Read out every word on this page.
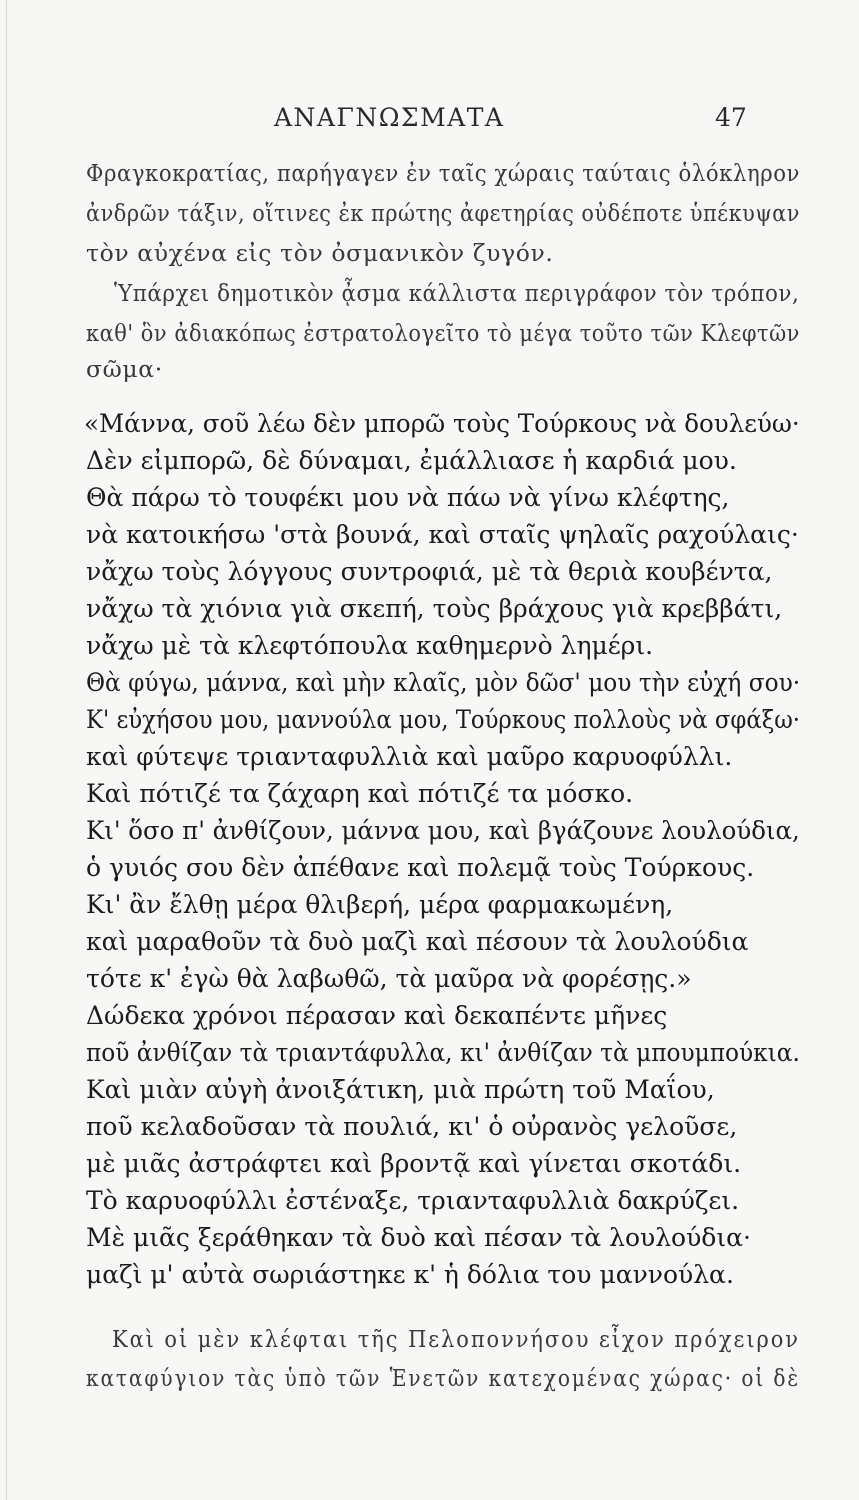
ΑΝΑΓΝΩΣΜΑΤΑ	47
Φραγκοκρατίας, παρήγαγεν ἐν ταῖς χώραις ταύταις ὁλόκληρον
ἀνδρῶν τάξιν, οἵτινες ἐκ πρώτης ἀφετηρίας οὐδέποτε ὑπέκυψαν
τὸν αὐχένα εἰς τὸν ὀσμανικὸν ζυγόν.
Ὑπάρχει δημοτικὸν ᾆσμα κάλλιστα περιγράφον τὸν τρόπον,
καθ' ὃν ἀδιακόπως ἐστρατολογεῖτο τὸ μέγα τοῦτο τῶν Κλεφτῶν
σῶμα·
«Μάννα, σοῦ λέω δὲν μπορῶ τοὺς Τούρκους νὰ δουλεύω·
Δὲν εἰμπορῶ, δὲ δύναμαι, ἐμάλλιασε ἡ καρδιά μου.
Θὰ πάρω τὸ τουφέκι μου νὰ πάω νὰ γίνω κλέφτης,
νὰ κατοικήσω 'στὰ βουνά, καὶ σταῖς ψηλαῖς ραχούλαις·
νἄχω τοὺς λόγγους συντροφιά, μὲ τὰ θεριὰ κουβέντα,
νἄχω τὰ χιόνια γιὰ σκεπή, τοὺς βράχους γιὰ κρεββάτι,
νἄχω μὲ τὰ κλεφτόπουλα καθημερνὸ λημέρι.
Θὰ φύγω, μάννα, καὶ μὴν κλαῖς, μὸν δῶσ' μου τὴν εὐχή σου·
Κ' εὐχήσου μου, μαννούλα μου, Τούρκους πολλοὺς νὰ σφάξω·
καὶ φύτεψε τριανταφυλλιὰ καὶ μαῦρο καρυοφύλλι.
Καὶ πότιζέ τα ζάχαρη καὶ πότιζέ τα μόσκο.
Κι' ὅσο π' ἀνθίζουν, μάννα μου, καὶ βγάζουνε λουλούδια,
ὁ γυιός σου δὲν ἀπέθανε καὶ πολεμᾷ τοὺς Τούρκους.
Κι' ἂν ἔλθῃ μέρα θλιβερή, μέρα φαρμακωμένη,
καὶ μαραθοῦν τὰ δυὸ μαζὶ καὶ πέσουν τὰ λουλούδια
τότε κ' ἐγὼ θὰ λαβωθῶ, τὰ μαῦρα νὰ φορέσῃς.»
Δώδεκα χρόνοι πέρασαν καὶ δεκαπέντε μῆνες
ποῦ ἀνθίζαν τὰ τριαντάφυλλα, κι' ἀνθίζαν τὰ μπουμπούκια.
Καὶ μιὰν αὐγὴ ἀνοιξάτικη, μιὰ πρώτη τοῦ Μαΐου,
ποῦ κελαδοῦσαν τὰ πουλιά, κι' ὁ οὐρανὸς γελοῦσε,
μὲ μιᾶς ἀστράφτει καὶ βροντᾷ καὶ γίνεται σκοτάδι.
Τὸ καρυοφύλλι ἐστέναξε, τριανταφυλλιὰ δακρύζει.
Μὲ μιᾶς ξεράθηκαν τὰ δυὸ καὶ πέσαν τὰ λουλούδια·
μαζὶ μ' αὐτὰ σωριάστηκε κ' ἡ δόλια του μαννούλα.
Καὶ οἱ μὲν κλέφται τῆς Πελοποννήσου εἶχον πρόχειρον
καταφύγιον τὰς ὑπὸ τῶν Ἑνετῶν κατεχομένας χώρας· οἱ δὲ
